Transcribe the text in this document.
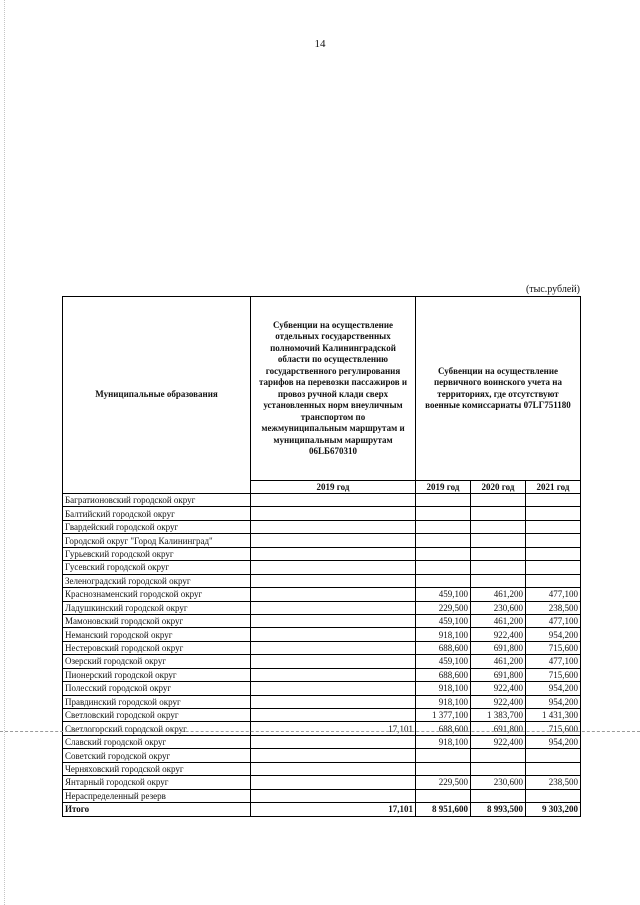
14
(тыс.рублей)
Муниципальные образования	Субвенции на осуществление отдельных государственных полномочий Калининградской области по осуществлению государственного регулирования тарифов на перевозки пассажиров и провоз ручной клади сверх установленных норм внеуличным транспортом по межмуниципальным маршрутам и муниципальным маршрутам 06LБ670310	Субвенции на осуществление первичного воинского учета на территориях, где отсутствуют военные комиссариаты 07LГ751180		
	2019 год	2019 год	2020 год	2021 год
Багратионовский городской округ				
Балтийский городской округ				
Гвардейский городской округ				
Городской округ "Город Калининград"				
Гурьевский городской округ				
Гусевский городской округ				
Зеленоградский городской округ				
Краснознаменский городской округ		459,100	461,200	477,100
Ладушкинский городской округ		229,500	230,600	238,500
Мамоновский городской округ		459,100	461,200	477,100
Неманский городской округ		918,100	922,400	954,200
Нестеровский городской округ		688,600	691,800	715,600
Озерский городской округ		459,100	461,200	477,100
Пионерский городской округ		688,600	691,800	715,600
Полесский городской округ		918,100	922,400	954,200
Правдинский городской округ		918,100	922,400	954,200
Светловский городской округ		1 377,100	1 383,700	1 431,300
Светлогорский городской округ	17,101	688,600	691,800	715,600
Славский городской округ		918,100	922,400	954,200
Советский городской округ				
Черняховский городской округ				
Янтарный городской округ		229,500	230,600	238,500
Нераспределенный резерв				
Итого	17,101	8 951,600	8 993,500	9 303,200
